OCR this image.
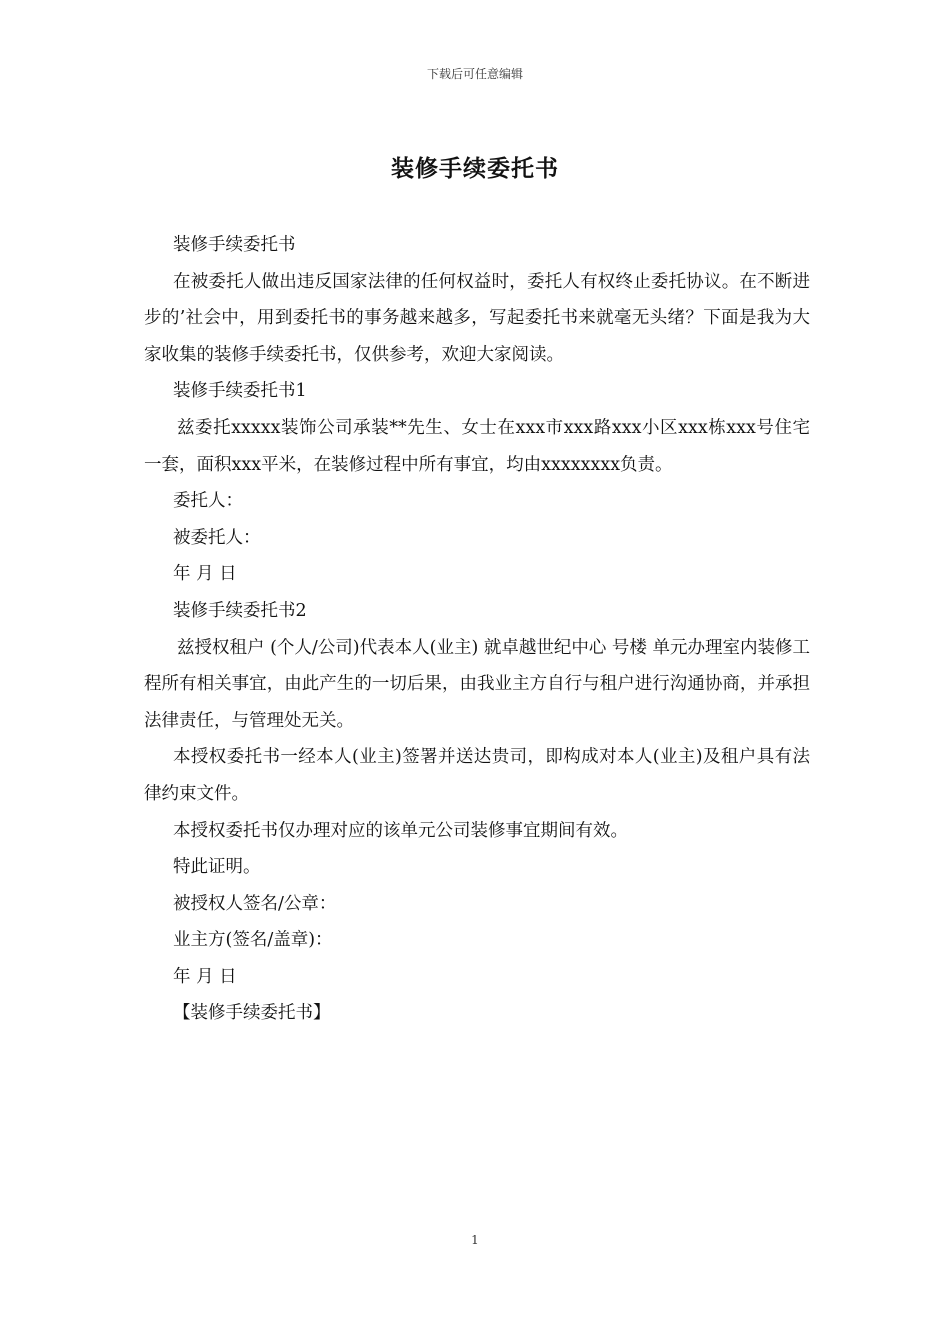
下载后可任意编辑
装修手续委托书

装修手续委托书

在被委托人做出违反国家法律的任何权益时，委托人有权终止委托协议。在不断进步的’社会中，用到委托书的事务越来越多，写起委托书来就毫无头绪？下面是我为大家收集的装修手续委托书，仅供参考，欢迎大家阅读。

装修手续委托书1

兹委托xxxxx装饰公司承装**先生、女士在xxx市xxx路xxx小区xxx栋xxx号住宅一套，面积xxx平米，在装修过程中所有事宜，均由xxxxxxxx负责。

委托人：

被委托人：

年 月 日

装修手续委托书2

兹授权租户 (个人/公司)代表本人(业主) 就卓越世纪中心 号楼 单元办理室内装修工程所有相关事宜，由此产生的一切后果，由我业主方自行与租户进行沟通协商，并承担法律责任，与管理处无关。

本授权委托书一经本人(业主)签署并送达贵司，即构成对本人(业主)及租户具有法律约束文件。

本授权委托书仅办理对应的该单元公司装修事宜期间有效。

特此证明。

被授权人签名/公章：

业主方(签名/盖章)：

年 月 日

【装修手续委托书】

1
